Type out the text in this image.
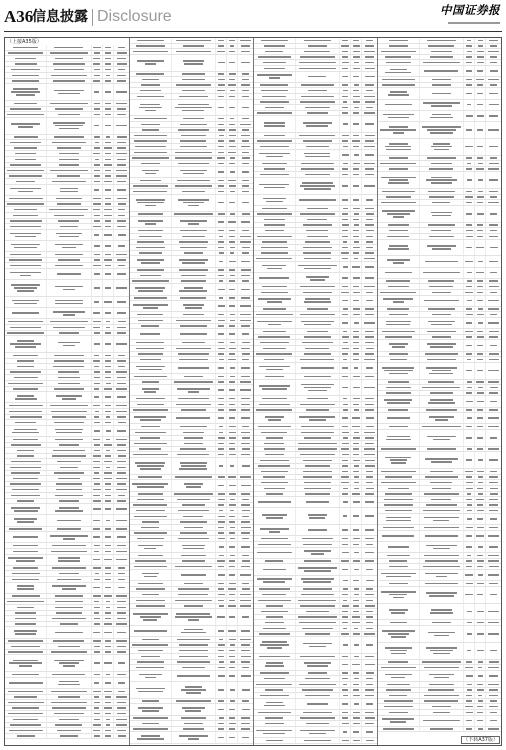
A36
信息披露 Disclosure	中国证券报
（上接A35版）
（下转A37版）
